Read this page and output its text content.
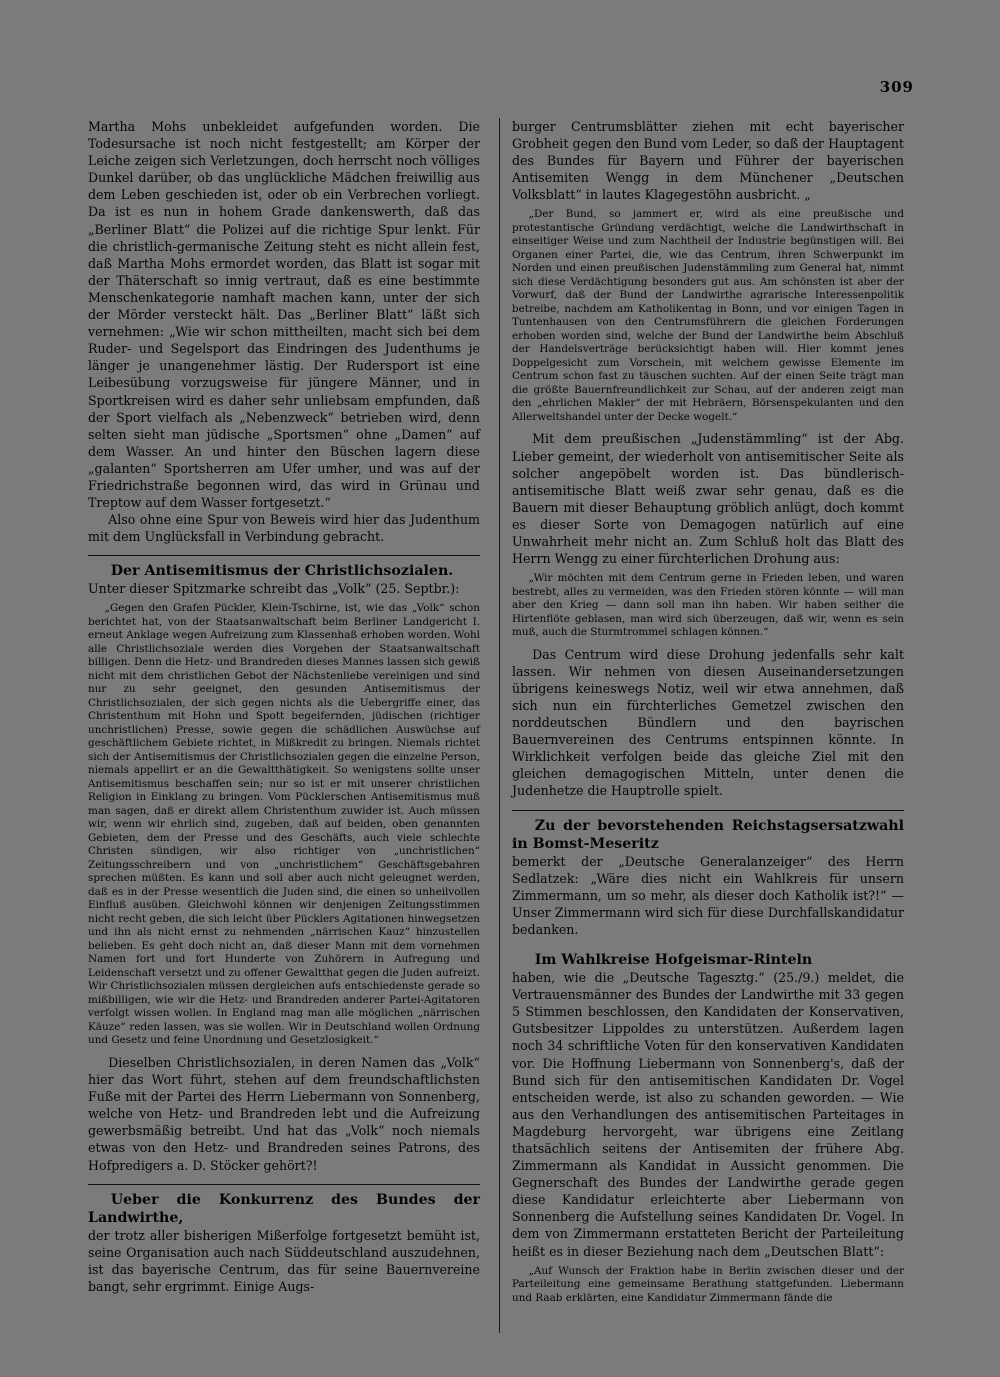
309

Martha Mohs unbekleidet aufgefunden worden. Die Todesursache ist noch nicht festgestellt; am Körper der Leiche zeigen sich Verletzungen, doch herrscht noch völliges Dunkel darüber, ob das unglückliche Mädchen freiwillig aus dem Leben geschieden ist, oder ob ein Verbrechen vorliegt. Da ist es nun in hohem Grade dankenswerth, daß das „Berliner Blatt“ die Polizei auf die richtige Spur lenkt. Für die christlich-germanische Zeitung steht es nicht allein fest, daß Martha Mohs ermordet worden, das Blatt ist sogar mit der Thäterschaft so innig vertraut, daß es eine bestimmte Menschenkategorie namhaft machen kann, unter der sich der Mörder versteckt hält. Das „Berliner Blatt“ läßt sich vernehmen: „Wie wir schon mittheilten, macht sich bei dem Ruder- und Segelsport das Eindringen des Judenthums je länger je unangenehmer lästig. Der Rudersport ist eine Leibesübung vorzugsweise für jüngere Männer, und in Sportkreisen wird es daher sehr unliebsam empfunden, daß der Sport vielfach als „Nebenzweck“ betrieben wird, denn selten sieht man jüdische „Sportsmen“ ohne „Damen“ auf dem Wasser. An und hinter den Büschen lagern diese „galanten“ Sportsherren am Ufer umher, und was auf der Friedrichstraße begonnen wird, das wird in Grünau und Treptow auf dem Wasser fortgesetzt.“

Also ohne eine Spur von Beweis wird hier das Judenthum mit dem Unglücksfall in Verbindung gebracht.

Der Antisemitismus der Christlichsozialen.

Unter dieser Spitzmarke schreibt das „Volk“ (25. Septbr.):

„Gegen den Grafen Pückler, Klein-Tschirne, ist, wie das „Volk“ schon berichtet hat, von der Staatsanwaltschaft beim Berliner Landgericht I. erneut Anklage wegen Aufreizung zum Klassenhaß erhoben worden. Wohl alle Christlichsoziale werden dies Vorgehen der Staatsanwaltschaft billigen. Denn die Hetz- und Brandreden dieses Mannes lassen sich gewiß nicht mit dem christlichen Gebot der Nächstenliebe vereinigen und sind nur zu sehr geeignet, den gesunden Antisemitismus der Christlichsozialen, der sich gegen nichts als die Uebergriffe einer, das Christenthum mit Hohn und Spott begeifernden, jüdischen (richtiger unchristlichen) Presse, sowie gegen die schädlichen Auswüchse auf geschäftlichem Gebiete richtet, in Mißkredit zu bringen. Niemals richtet sich der Antisemitismus der Christlichsozialen gegen die einzelne Person, niemals appellirt er an die Gewaltthätigkeit. So wenigstens sollte unser Antisemitismus beschaffen sein; nur so ist er mit unserer christlichen Religion in Einklang zu bringen. Vom Pücklerschen Antisemitismus muß man sagen, daß er direkt allem Christenthum zuwider ist. Auch müssen wir, wenn wir ehrlich sind, zugeben, daß auf beiden, oben genannten Gebieten, dem der Presse und des Geschäfts, auch viele schlechte Christen sündigen, wir also richtiger von „unchristlichen“ Zeitungsschreibern und von „unchristlichem“ Geschäftsgebahren sprechen müßten. Es kann und soll aber auch nicht geleugnet werden, daß es in der Presse wesentlich die Juden sind, die einen so unheilvollen Einfluß ausüben. Gleichwohl können wir denjenigen Zeitungsstimmen nicht recht geben, die sich leicht über Pücklers Agitationen hinwegsetzen und ihn als nicht ernst zu nehmenden „närrischen Kauz“ hinzustellen belieben. Es geht doch nicht an, daß dieser Mann mit dem vornehmen Namen fort und fort Hunderte von Zuhörern in Aufregung und Leidenschaft versetzt und zu offener Gewaltthat gegen die Juden aufreizt. Wir Christlichsozialen müssen dergleichen aufs entschiedenste gerade so mißbilligen, wie wir die Hetz- und Brandreden anderer Partei-Agitatoren verfolgt wissen wollen. In England mag man alle möglichen „närrischen Käuze“ reden lassen, was sie wollen. Wir in Deutschland wollen Ordnung und Gesetz und feine Unordnung und Gesetzlosigkeit.“

Dieselben Christlichsozialen, in deren Namen das „Volk“ hier das Wort führt, stehen auf dem freundschaftlichsten Fuße mit der Partei des Herrn Liebermann von Sonnenberg, welche von Hetz- und Brandreden lebt und die Aufreizung gewerbsmäßig betreibt. Und hat das „Volk“ noch niemals etwas von den Hetz- und Brandreden seines Patrons, des Hofpredigers a. D. Stöcker gehört?!

Ueber die Konkurrenz des Bundes der Landwirthe,

der trotz aller bisherigen Mißerfolge fortgesetzt bemüht ist, seine Organisation auch nach Süddeutschland auszudehnen, ist das bayerische Centrum, das für seine Bauernvereine bangt, sehr ergrimmt. Einige Augs-

burger Centrumsblätter ziehen mit echt bayerischer Grobheit gegen den Bund vom Leder, so daß der Hauptagent des Bundes für Bayern und Führer der bayerischen Antisemiten Wengg in dem Münchener „Deutschen Volksblatt“ in lautes Klagegestöhn ausbricht. „

„Der Bund, so jammert er, wird als eine preußische und protestantische Gründung verdächtigt, welche die Landwirthschaft in einseitiger Weise und zum Nachtheil der Industrie begünstigen will. Bei Organen einer Partei, die, wie das Centrum, ihren Schwerpunkt im Norden und einen preußischen Judenstämmling zum General hat, nimmt sich diese Verdächtigung besonders gut aus. Am schönsten ist aber der Vorwurf, daß der Bund der Landwirthe agrarische Interessenpolitik betreibe, nachdem am Katholikentag in Bonn, und vor einigen Tagen in Tuntenhausen von den Centrumsführern die gleichen Forderungen erhoben worden sind, welche der Bund der Landwirthe beim Abschluß der Handelsverträge berücksichtigt haben will. Hier kommt jenes Doppelgesicht zum Vorschein, mit welchem gewisse Elemente im Centrum schon fast zu täuschen suchten. Auf der einen Seite trägt man die größte Bauernfreundlichkeit zur Schau, auf der anderen zeigt man den „ehrlichen Makler“ der mit Hebräern, Börsenspekulanten und den Allerweltshandel unter der Decke wogelt.“

Mit dem preußischen „Judenstämmling“ ist der Abg. Lieber gemeint, der wiederholt von antisemitischer Seite als solcher angepöbelt worden ist. Das bündlerisch-antisemitische Blatt weiß zwar sehr genau, daß es die Bauern mit dieser Behauptung gröblich anlügt, doch kommt es dieser Sorte von Demagogen natürlich auf eine Unwahrheit mehr nicht an. Zum Schluß holt das Blatt des Herrn Wengg zu einer fürchterlichen Drohung aus:

„Wir möchten mit dem Centrum gerne in Frieden leben, und waren bestrebt, alles zu vermeiden, was den Frieden stören könnte — will man aber den Krieg — dann soll man ihn haben. Wir haben seither die Hirtenflöte geblasen, man wird sich überzeugen, daß wir, wenn es sein muß, auch die Sturmtrommel schlagen können.“

Das Centrum wird diese Drohung jedenfalls sehr kalt lassen. Wir nehmen von diesen Auseinandersetzungen übrigens keineswegs Notiz, weil wir etwa annehmen, daß sich nun ein fürchterliches Gemetzel zwischen den norddeutschen Bündlern und den bayrischen Bauernvereinen des Centrums entspinnen könnte. In Wirklichkeit verfolgen beide das gleiche Ziel mit den gleichen demagogischen Mitteln, unter denen die Judenhetze die Hauptrolle spielt.

Zu der bevorstehenden Reichstagsersatzwahl in Bomst-Meseritz

bemerkt der „Deutsche Generalanzeiger“ des Herrn Sedlatzek: „Wäre dies nicht ein Wahlkreis für unsern Zimmermann, um so mehr, als dieser doch Katholik ist?!“ — Unser Zimmermann wird sich für diese Durchfallskandidatur bedanken.

Im Wahlkreise Hofgeismar-Rinteln

haben, wie die „Deutsche Tagesztg.“ (25./9.) meldet, die Vertrauensmänner des Bundes der Landwirthe mit 33 gegen 5 Stimmen beschlossen, den Kandidaten der Konservativen, Gutsbesitzer Lippoldes zu unterstützen. Außerdem lagen noch 34 schriftliche Voten für den konservativen Kandidaten vor. Die Hoffnung Liebermann von Sonnenberg's, daß der Bund sich für den antisemitischen Kandidaten Dr. Vogel entscheiden werde, ist also zu schanden geworden. — Wie aus den Verhandlungen des antisemitischen Parteitages in Magdeburg hervorgeht, war übrigens eine Zeitlang thatsächlich seitens der Antisemiten der frühere Abg. Zimmermann als Kandidat in Aussicht genommen. Die Gegnerschaft des Bundes der Landwirthe gerade gegen diese Kandidatur erleichterte aber Liebermann von Sonnenberg die Aufstellung seines Kandidaten Dr. Vogel. In dem von Zimmermann erstatteten Bericht der Parteileitung heißt es in dieser Beziehung nach dem „Deutschen Blatt“:

„Auf Wunsch der Fraktion habe in Berlin zwischen dieser und der Parteileitung eine gemeinsame Berathung stattgefunden. Liebermann und Raab erklärten, eine Kandidatur Zimmermann fände die
